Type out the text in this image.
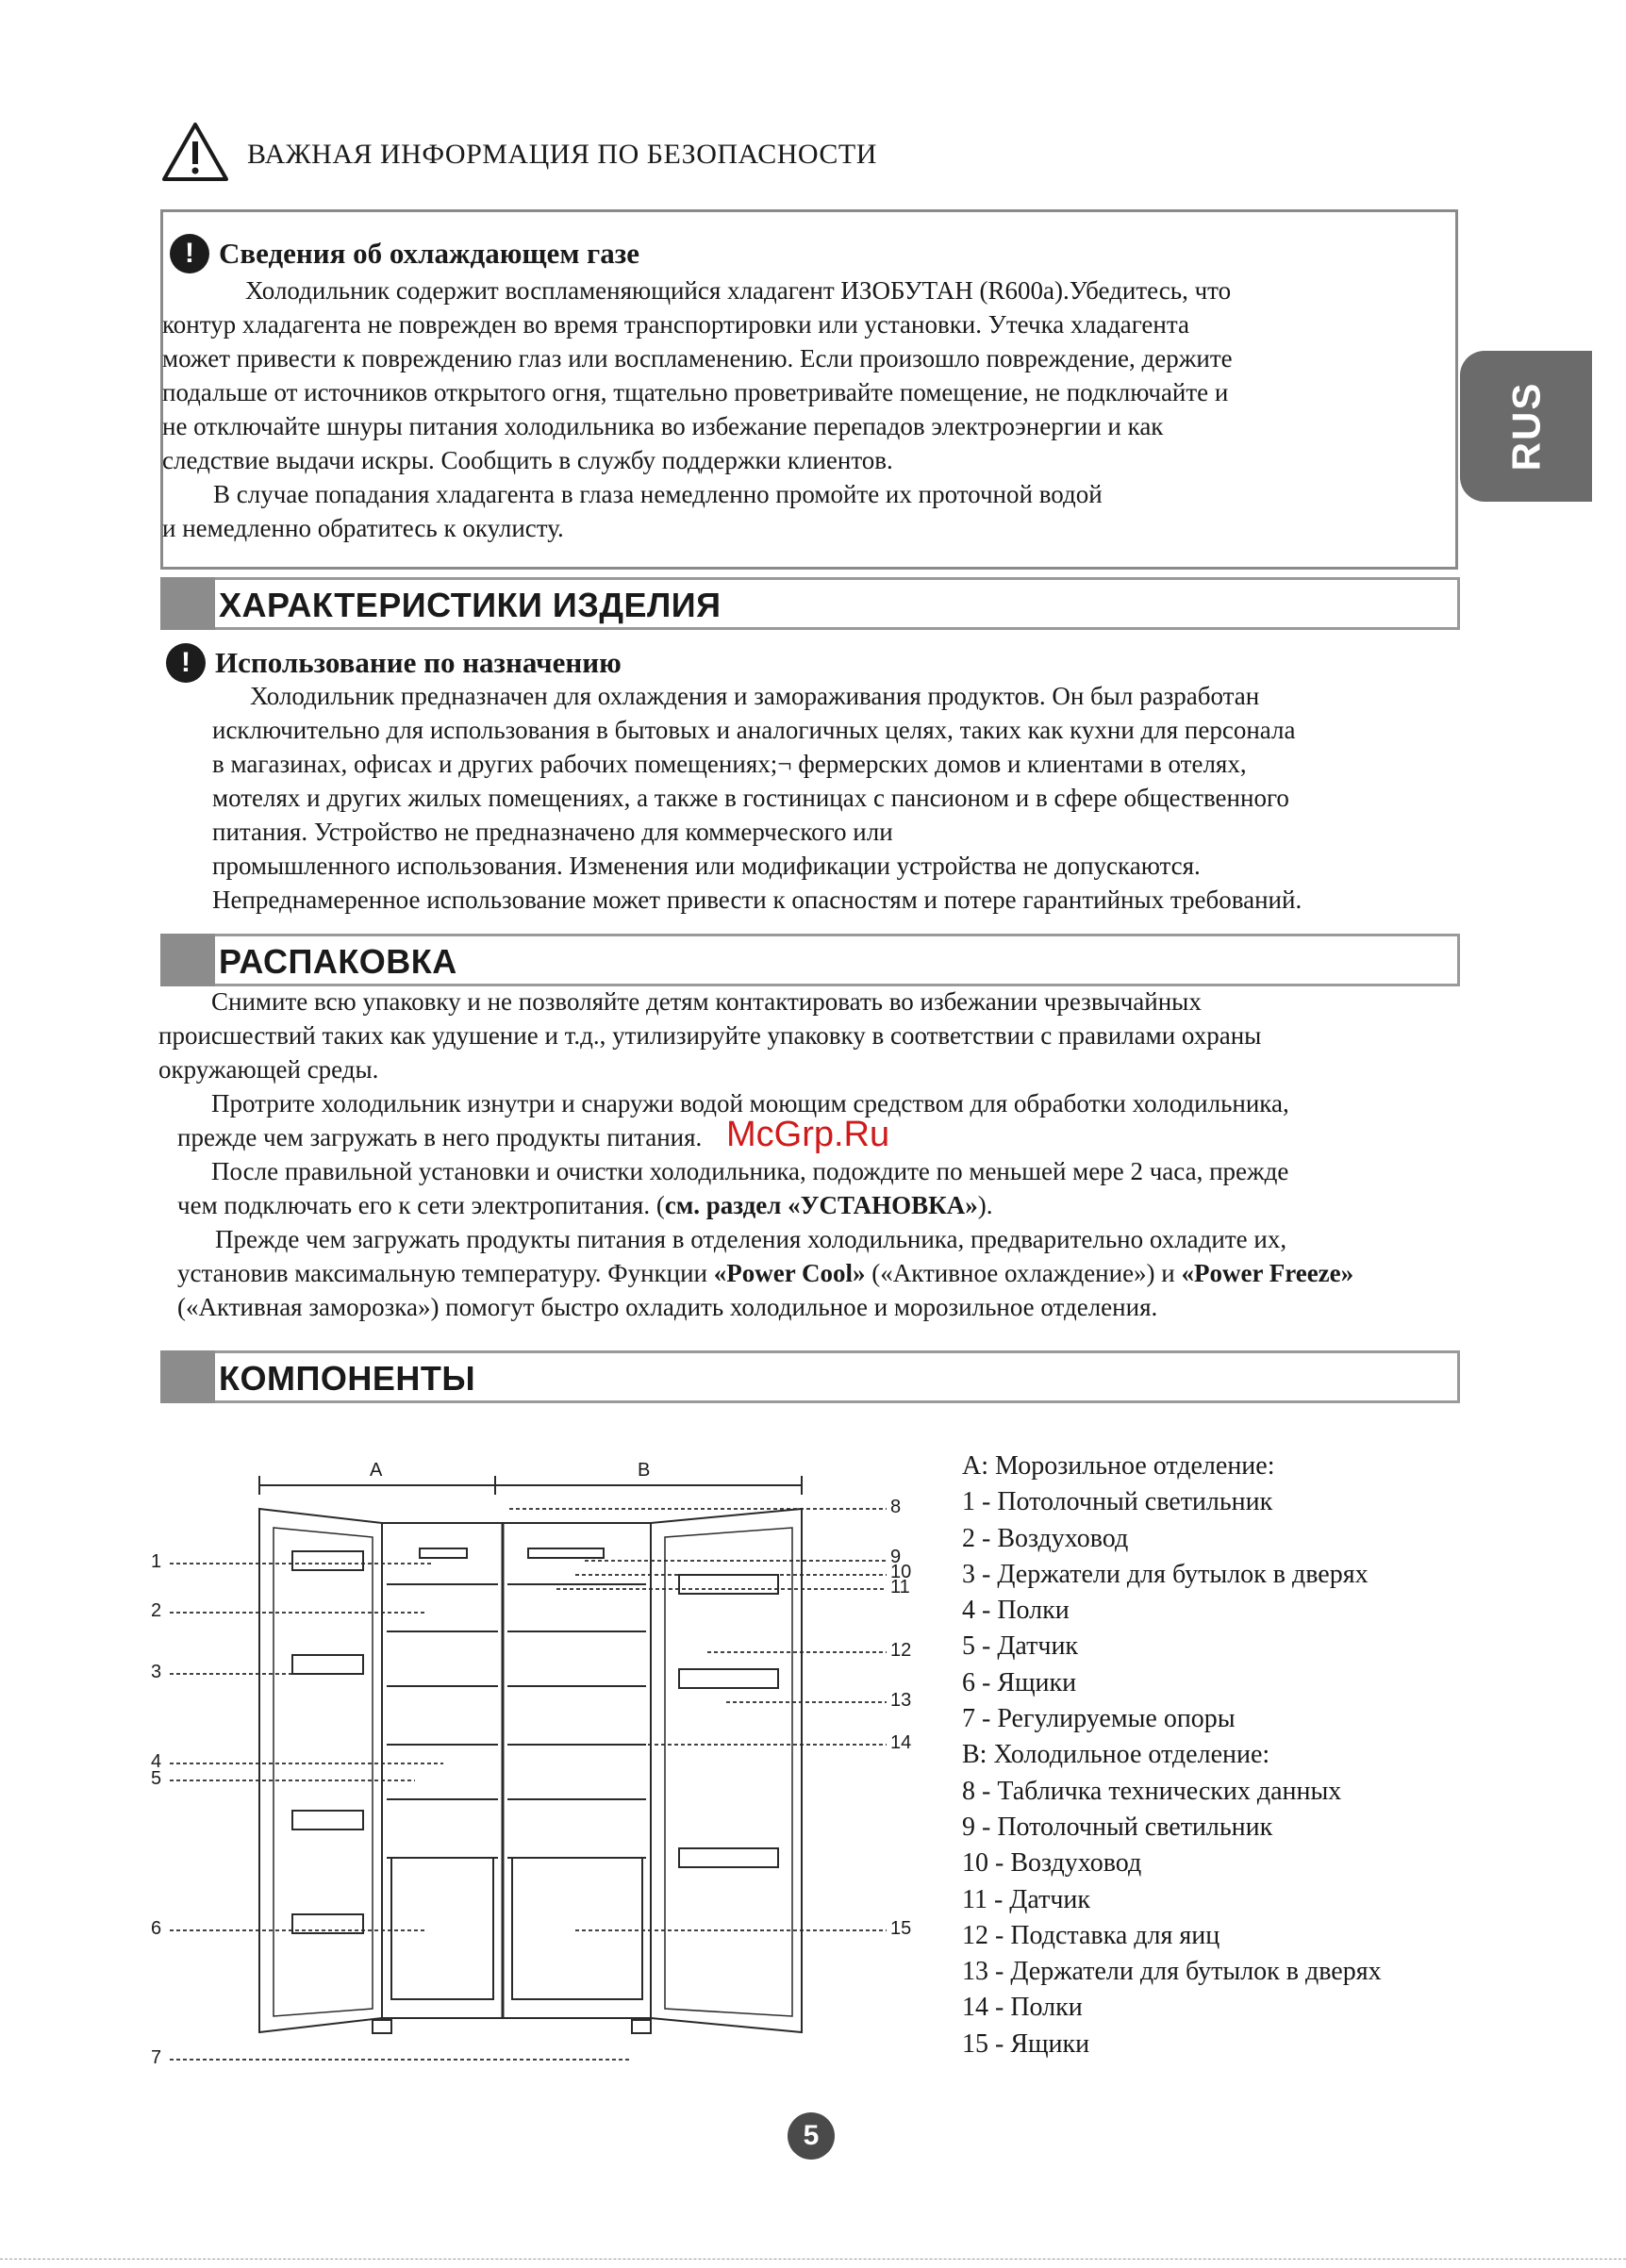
ВАЖНАЯ ИНФОРМАЦИЯ ПО БЕЗОПАСНОСТИ
RUS
! Сведения об охлаждающем газе
Холодильник содержит воспламеняющийся хладагент ИЗОБУТАН (R600a).Убедитесь, что
контур хладагента не поврежден во время транспортировки или установки. Утечка хладагента
может привести к повреждению глаз или воспламенению. Если произошло повреждение, держите
подальше от источников открытого огня, тщательно проветривайте помещение, не подключайте и
не отключайте шнуры питания холодильника во избежание перепадов электроэнергии и как
следствие выдачи искры. Сообщить в службу поддержки клиентов.
В случае попадания хладагента в глаза немедленно промойте их проточной водой
и немедленно обратитесь к окулисту.
ХАРАКТЕРИСТИКИ ИЗДЕЛИЯ
! Использование по назначению
Холодильник предназначен для охлаждения и замораживания продуктов. Он был разработан
исключительно для использования в бытовых и аналогичных целях, таких как кухни для персонала
в магазинах, офисах и других рабочих помещениях;¬ фермерских домов и клиентами в отелях,
мотелях и других жилых помещениях, а также в гостиницах с пансионом и в сфере общественного
питания. Устройство не предназначено для коммерческого или
промышленного использования. Изменения или модификации устройства не допускаются.
Непреднамеренное использование может привести к опасностям и потере гарантийных требований.
РАСПАКОВКА
Снимите всю упаковку и не позволяйте детям контактировать во избежании чрезвычайных
происшествий таких как удушение и т.д., утилизируйте упаковку в соответствии с правилами охраны
окружающей среды.
Протрите холодильник изнутри и снаружи водой моющим средством для обработки холодильника,
прежде чем загружать в него продукты питания. McGrp.Ru
После правильной установки и очистки холодильника, подождите по меньшей мере 2 часа, прежде
чем подключать его к сети электропитания. (см. раздел «УСТАНОВКА»).
Прежде чем загружать продукты питания в отделения холодильника, предварительно охладите их,
установив максимальную температуру. Функции «Power Cool» («Активное охлаждение») и «Power Freeze» («Активная заморозка») помогут быстро охладить холодильное и морозильное отделения.
КОМПОНЕНТЫ
A	B
1
2
3
4
5
6
7
8
9
10
11
12
13
14
15
A: Морозильное отделение:
1 - Потолочный светильник
2 - Воздуховод
3 - Держатели для бутылок в дверях
4 - Полки
5 - Датчик
6 - Ящики
7 - Регулируемые опоры
B: Холодильное отделение:
8 - Табличка технических данных
9 - Потолочный светильник
10 - Воздуховод
11 - Датчик
12 - Подставка для яиц
13 - Держатели для бутылок в дверях
14 - Полки
15 - Ящики
5
